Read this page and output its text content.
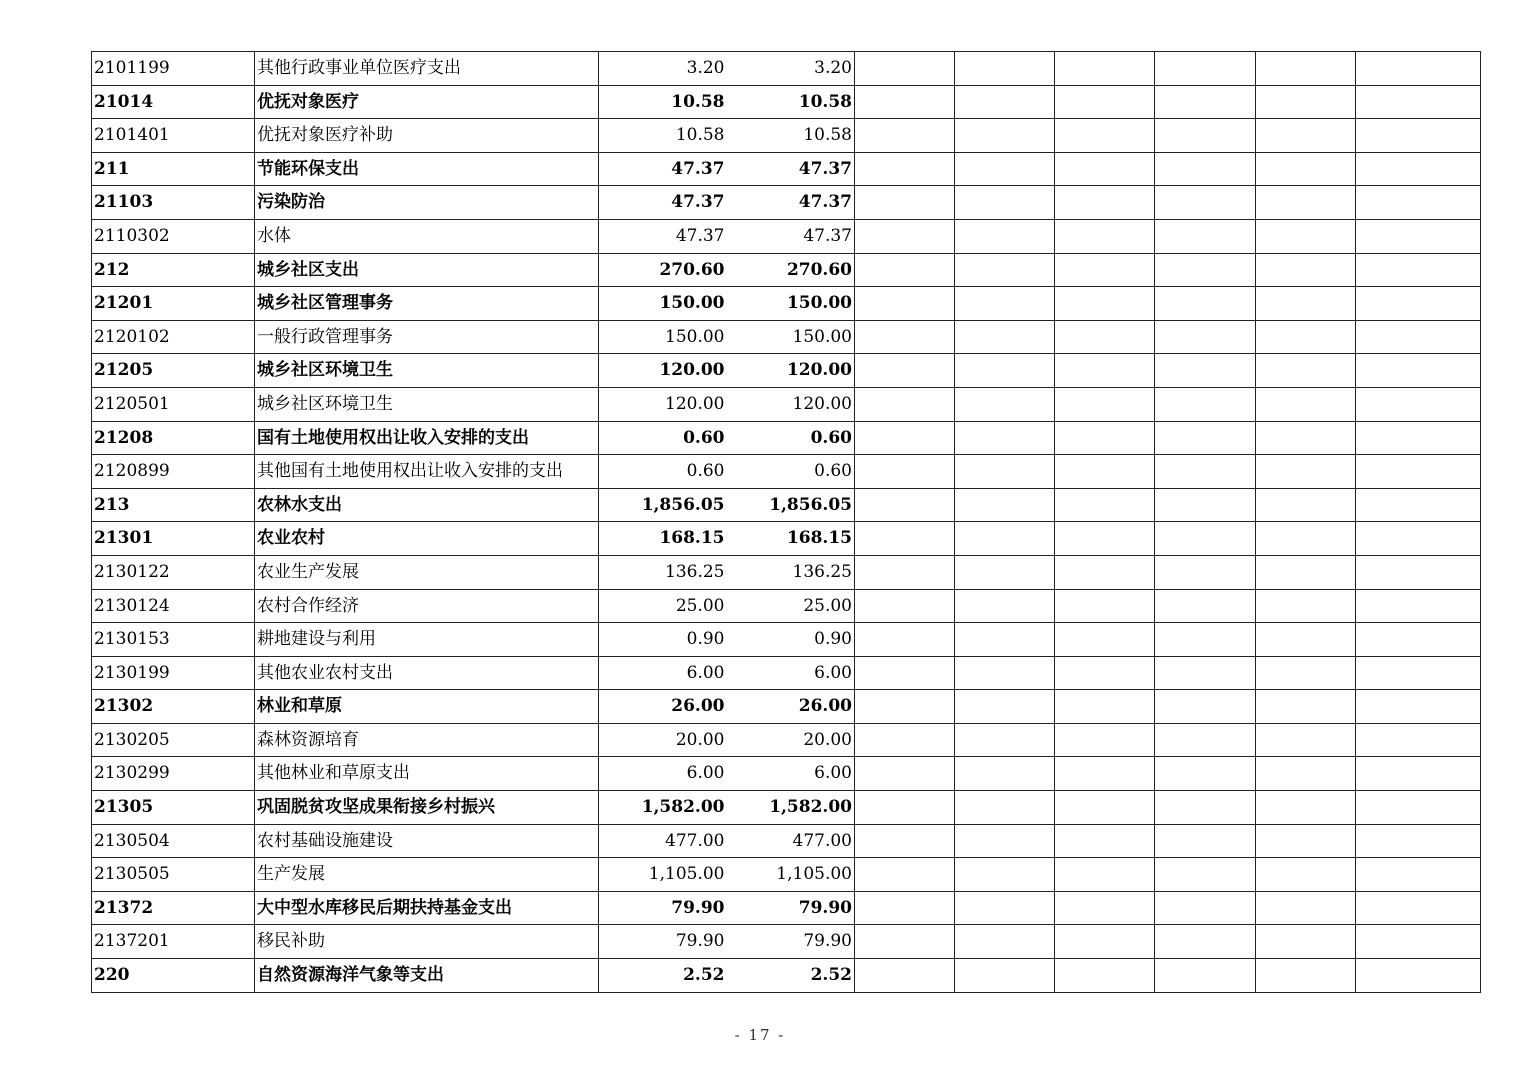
2101199	其他行政事业单位医疗支出	3.20	3.20						
21014	优抚对象医疗	10.58	10.58						
2101401	优抚对象医疗补助	10.58	10.58						
211	节能环保支出	47.37	47.37						
21103	污染防治	47.37	47.37						
2110302	水体	47.37	47.37						
212	城乡社区支出	270.60	270.60						
21201	城乡社区管理事务	150.00	150.00						
2120102	一般行政管理事务	150.00	150.00						
21205	城乡社区环境卫生	120.00	120.00						
2120501	城乡社区环境卫生	120.00	120.00						
21208	国有土地使用权出让收入安排的支出	0.60	0.60						
2120899	其他国有土地使用权出让收入安排的支出	0.60	0.60						
213	农林水支出	1,856.05	1,856.05						
21301	农业农村	168.15	168.15						
2130122	农业生产发展	136.25	136.25						
2130124	农村合作经济	25.00	25.00						
2130153	耕地建设与利用	0.90	0.90						
2130199	其他农业农村支出	6.00	6.00						
21302	林业和草原	26.00	26.00						
2130205	森林资源培育	20.00	20.00						
2130299	其他林业和草原支出	6.00	6.00						
21305	巩固脱贫攻坚成果衔接乡村振兴	1,582.00	1,582.00						
2130504	农村基础设施建设	477.00	477.00						
2130505	生产发展	1,105.00	1,105.00						
21372	大中型水库移民后期扶持基金支出	79.90	79.90						
2137201	移民补助	79.90	79.90						
220	自然资源海洋气象等支出	2.52	2.52						
- 17 -
